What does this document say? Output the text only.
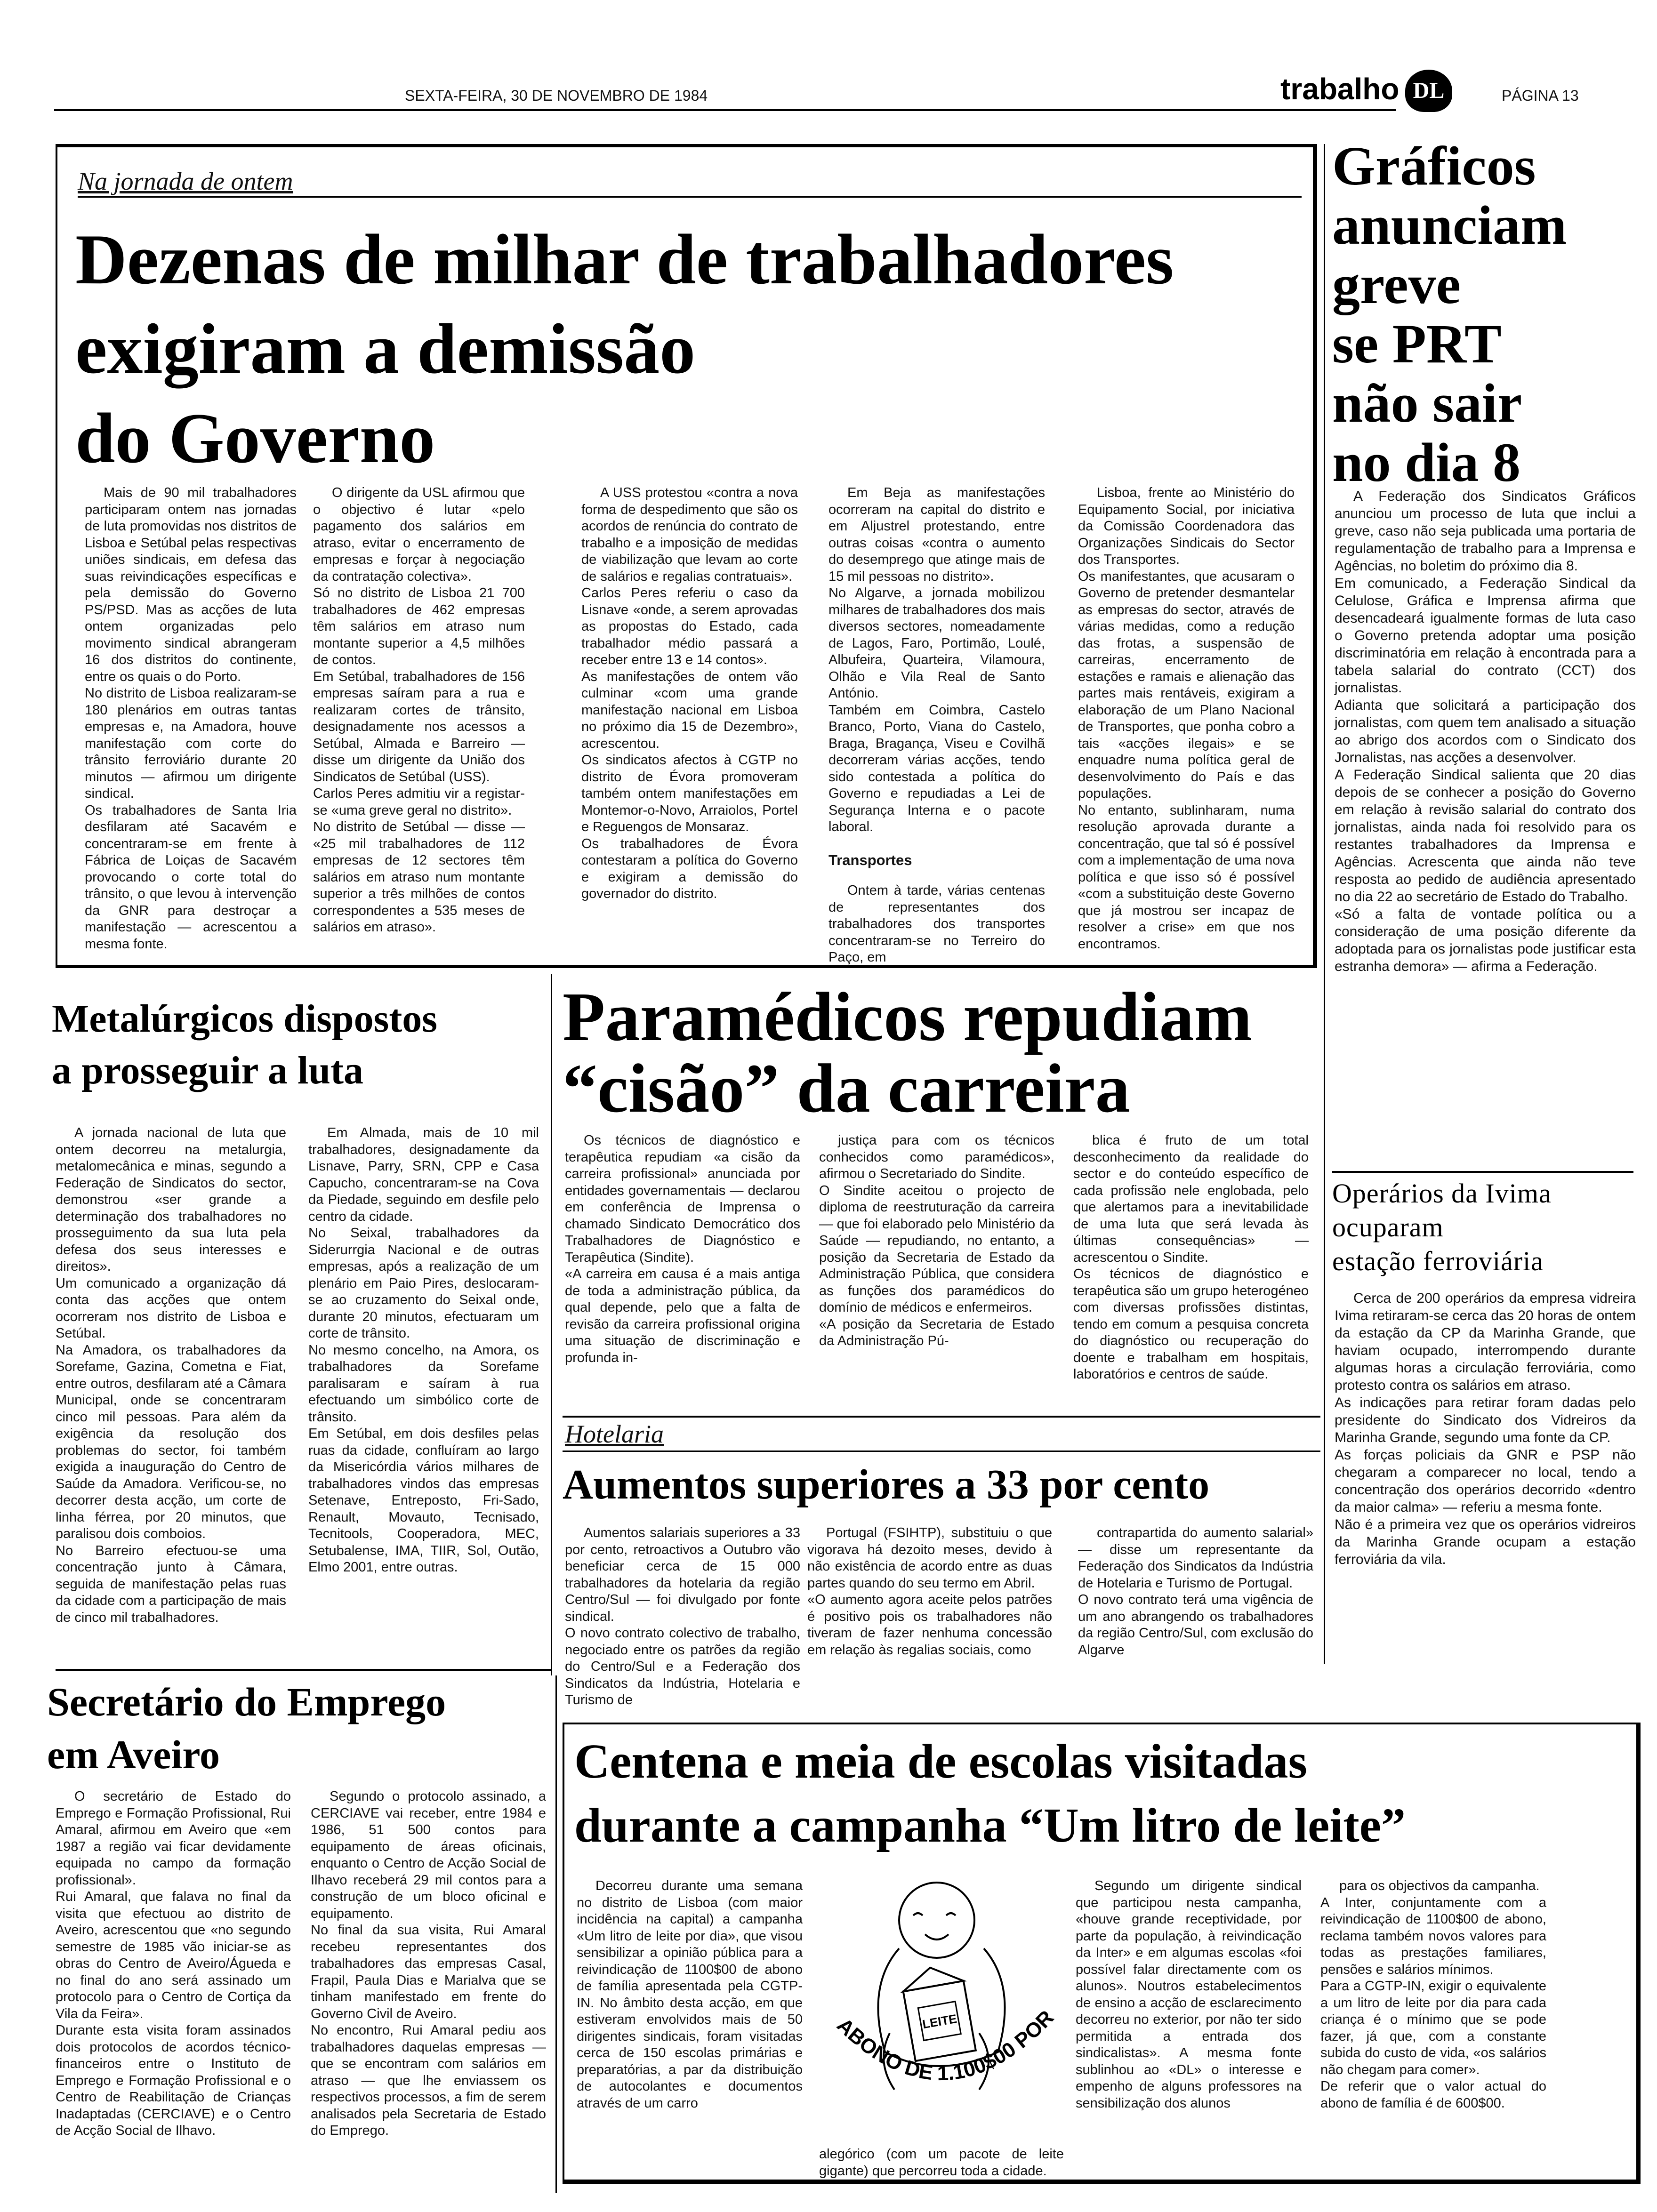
SEXTA-FEIRA, 30 DE NOVEMBRO DE 1984	trabalho DL	PÁGINA 13
Na jornada de ontem
Dezenas de milhar de trabalhadores
exigiram a demissão
do Governo

Mais de 90 mil trabalhadores participaram ontem nas jornadas de luta promovidas nos distritos de Lisboa e Setúbal pelas respectivas uniões sindicais, em defesa das suas reivindicações específicas e pela demissão do Governo PS/PSD. Mas as acções de luta ontem organizadas pelo movimento sindical abrangeram 16 dos distritos do continente, entre os quais o do Porto.
No distrito de Lisboa realizaram-se 180 plenários em outras tantas empresas e, na Amadora, houve manifestação com corte do trânsito ferroviário durante 20 minutos — afirmou um dirigente sindical.
Os trabalhadores de Santa Iria desfilaram até Sacavém e concentraram-se em frente à Fábrica de Loiças de Sacavém provocando o corte total do trânsito, o que levou à intervenção da GNR para destroçar a manifestação — acrescentou a mesma fonte.

O dirigente da USL afirmou que o objectivo é lutar «pelo pagamento dos salários em atraso, evitar o encerramento de empresas e forçar à negociação da contratação colectiva».
Só no distrito de Lisboa 21 700 trabalhadores de 462 empresas têm salários em atraso num montante superior a 4,5 milhões de contos.
Em Setúbal, trabalhadores de 156 empresas saíram para a rua e realizaram cortes de trânsito, designadamente nos acessos a Setúbal, Almada e Barreiro — disse um dirigente da União dos Sindicatos de Setúbal (USS).
Carlos Peres admitiu vir a registar-se «uma greve geral no distrito».
No distrito de Setúbal — disse — «25 mil trabalhadores de 112 empresas de 12 sectores têm salários em atraso num montante superior a três milhões de contos correspondentes a 535 meses de salários em atraso».

A USS protestou «contra a nova forma de despedimento que são os acordos de renúncia do contrato de trabalho e a imposição de medidas de viabilização que levam ao corte de salários e regalias contratuais».
Carlos Peres referiu o caso da Lisnave «onde, a serem aprovadas as propostas do Estado, cada trabalhador médio passará a receber entre 13 e 14 contos».
As manifestações de ontem vão culminar «com uma grande manifestação nacional em Lisboa no próximo dia 15 de Dezembro», acrescentou.
Os sindicatos afectos à CGTP no distrito de Évora promoveram também ontem manifestações em Montemor-o-Novo, Arraiolos, Portel e Reguengos de Monsaraz.
Os trabalhadores de Évora contestaram a política do Governo e exigiram a demissão do governador do distrito.

Em Beja as manifestações ocorreram na capital do distrito e em Aljustrel protestando, entre outras coisas «contra o aumento do desemprego que atinge mais de 15 mil pessoas no distrito».
No Algarve, a jornada mobilizou milhares de trabalhadores dos mais diversos sectores, nomeadamente de Lagos, Faro, Portimão, Loulé, Albufeira, Quarteira, Vilamoura, Olhão e Vila Real de Santo António.
Também em Coimbra, Castelo Branco, Porto, Viana do Castelo, Braga, Bragança, Viseu e Covilhã decorreram várias acções, tendo sido contestada a política do Governo e repudiadas a Lei de Segurança Interna e o pacote laboral.

Transportes

Ontem à tarde, várias centenas de representantes dos trabalhadores dos transportes concentraram-se no Terreiro do Paço, em

Lisboa, frente ao Ministério do Equipamento Social, por iniciativa da Comissão Coordenadora das Organizações Sindicais do Sector dos Transportes.
Os manifestantes, que acusaram o Governo de pretender desmantelar as empresas do sector, através de várias medidas, como a redução das frotas, a suspensão de carreiras, encerramento de estações e ramais e alienação das partes mais rentáveis, exigiram a elaboração de um Plano Nacional de Transportes, que ponha cobro a tais «acções ilegais» e se enquadre numa política geral de desenvolvimento do País e das populações.
No entanto, sublinharam, numa resolução aprovada durante a concentração, que tal só é possível com a implementação de uma nova política e que isso só é possível «com a substituição deste Governo que já mostrou ser incapaz de resolver a crise» em que nos encontramos.

Gráficos
anunciam
greve
se PRT
não sair
no dia 8

A Federação dos Sindicatos Gráficos anunciou um processo de luta que inclui a greve, caso não seja publicada uma portaria de regulamentação de trabalho para a Imprensa e Agências, no boletim do próximo dia 8.
Em comunicado, a Federação Sindical da Celulose, Gráfica e Imprensa afirma que desencadeará igualmente formas de luta caso o Governo pretenda adoptar uma posição discriminatória em relação à encontrada para a tabela salarial do contrato (CCT) dos jornalistas.
Adianta que solicitará a participação dos jornalistas, com quem tem analisado a situação ao abrigo dos acordos com o Sindicato dos Jornalistas, nas acções a desenvolver.
A Federação Sindical salienta que 20 dias depois de se conhecer a posição do Governo em relação à revisão salarial do contrato dos jornalistas, ainda nada foi resolvido para os restantes trabalhadores da Imprensa e Agências. Acrescenta que ainda não teve resposta ao pedido de audiência apresentado no dia 22 ao secretário de Estado do Trabalho.
«Só a falta de vontade política ou a consideração de uma posição diferente da adoptada para os jornalistas pode justificar esta estranha demora» — afirma a Federação.

Operários da Ivima
ocuparam
estação ferroviária

Cerca de 200 operários da empresa vidreira Ivima retiraram-se cerca das 20 horas de ontem da estação da CP da Marinha Grande, que haviam ocupado, interrompendo durante algumas horas a circulação ferroviária, como protesto contra os salários em atraso.
As indicações para retirar foram dadas pelo presidente do Sindicato dos Vidreiros da Marinha Grande, segundo uma fonte da CP.
As forças policiais da GNR e PSP não chegaram a comparecer no local, tendo a concentração dos operários decorrido «dentro da maior calma» — referiu a mesma fonte.
Não é a primeira vez que os operários vidreiros da Marinha Grande ocupam a estação ferroviária da vila.

Metalúrgicos dispostos
a prosseguir a luta

A jornada nacional de luta que ontem decorreu na metalurgia, metalomecânica e minas, segundo a Federação de Sindicatos do sector, demonstrou «ser grande a determinação dos trabalhadores no prosseguimento da sua luta pela defesa dos seus interesses e direitos».
Um comunicado a organização dá conta das acções que ontem ocorreram nos distrito de Lisboa e Setúbal.
Na Amadora, os trabalhadores da Sorefame, Gazina, Cometna e Fiat, entre outros, desfilaram até a Câmara Municipal, onde se concentraram cinco mil pessoas. Para além da exigência da resolução dos problemas do sector, foi também exigida a inauguração do Centro de Saúde da Amadora. Verificou-se, no decorrer desta acção, um corte de linha férrea, por 20 minutos, que paralisou dois comboios.
No Barreiro efectuou-se uma concentração junto à Câmara, seguida de manifestação pelas ruas da cidade com a participação de mais de cinco mil trabalhadores.

Em Almada, mais de 10 mil trabalhadores, designadamente da Lisnave, Parry, SRN, CPP e Casa Capucho, concentraram-se na Cova da Piedade, seguindo em desfile pelo centro da cidade.
No Seixal, trabalhadores da Siderurrgia Nacional e de outras empresas, após a realização de um plenário em Paio Pires, deslocaram-se ao cruzamento do Seixal onde, durante 20 minutos, efectuaram um corte de trânsito.
No mesmo concelho, na Amora, os trabalhadores da Sorefame paralisaram e saíram à rua efectuando um simbólico corte de trânsito.
Em Setúbal, em dois desfiles pelas ruas da cidade, confluíram ao largo da Misericórdia vários milhares de trabalhadores vindos das empresas Setenave, Entreposto, Fri-Sado, Renault, Movauto, Tecnisado, Tecnitools, Cooperadora, MEC, Setubalense, IMA, TIIR, Sol, Outão, Elmo 2001, entre outras.

Paramédicos repudiam
“cisão” da carreira

Os técnicos de diagnóstico e terapêutica repudiam «a cisão da carreira profissional» anunciada por entidades governamentais — declarou em conferência de Imprensa o chamado Sindicato Democrático dos Trabalhadores de Diagnóstico e Terapêutica (Sindite).
«A carreira em causa é a mais antiga de toda a administração pública, da qual depende, pelo que a falta de revisão da carreira profissional origina uma situação de discriminação e profunda in-

justiça para com os técnicos conhecidos como paramédicos», afirmou o Secretariado do Sindite.
O Sindite aceitou o projecto de diploma de reestruturação da carreira — que foi elaborado pelo Ministério da Saúde — repudiando, no entanto, a posição da Secretaria de Estado da Administração Pública, que considera as funções dos paramédicos do domínio de médicos e enfermeiros.
«A posição da Secretaria de Estado da Administração Pú-

blica é fruto de um total desconhecimento da realidade do sector e do conteúdo específico de cada profissão nele englobada, pelo que alertamos para a inevitabilidade de uma luta que será levada às últimas consequências» — acrescentou o Sindite.
Os técnicos de diagnóstico e terapêutica são um grupo heterogéneo com diversas profissões distintas, tendo em comum a pesquisa concreta do diagnóstico ou recuperação do doente e trabalham em hospitais, laboratórios e centros de saúde.

Hotelaria
Aumentos superiores a 33 por cento

Aumentos salariais superiores a 33 por cento, retroactivos a Outubro vão beneficiar cerca de 15 000 trabalhadores da hotelaria da região Centro/Sul — foi divulgado por fonte sindical.
O novo contrato colectivo de trabalho, negociado entre os patrões da região do Centro/Sul e a Federação dos Sindicatos da Indústria, Hotelaria e Turismo de

Portugal (FSIHTP), substituiu o que vigorava há dezoito meses, devido à não existência de acordo entre as duas partes quando do seu termo em Abril.
«O aumento agora aceite pelos patrões é positivo pois os trabalhadores não tiveram de fazer nenhuma concessão em relação às regalias sociais, como

contrapartida do aumento salarial» — disse um representante da Federação dos Sindicatos da Indústria de Hotelaria e Turismo de Portugal.
O novo contrato terá uma vigência de um ano abrangendo os trabalhadores da região Centro/Sul, com exclusão do Algarve

Secretário do Emprego
em Aveiro

O secretário de Estado do Emprego e Formação Profissional, Rui Amaral, afirmou em Aveiro que «em 1987 a região vai ficar devidamente equipada no campo da formação profissional».
Rui Amaral, que falava no final da visita que efectuou ao distrito de Aveiro, acrescentou que «no segundo semestre de 1985 vão iniciar-se as obras do Centro de Aveiro/Águeda e no final do ano será assinado um protocolo para o Centro de Cortiça da Vila da Feira».
Durante esta visita foram assinados dois protocolos de acordos técnico-financeiros entre o Instituto de Emprego e Formação Profissional e o Centro de Reabilitação de Crianças Inadaptadas (CERCIAVE) e o Centro de Acção Social de Ilhavo.

Segundo o protocolo assinado, a CERCIAVE vai receber, entre 1984 e 1986, 51 500 contos para equipamento de áreas oficinais, enquanto o Centro de Acção Social de Ilhavo receberá 29 mil contos para a construção de um bloco oficinal e equipamento.
No final da sua visita, Rui Amaral recebeu representantes dos trabalhadores das empresas Casal, Frapil, Paula Dias e Marialva que se tinham manifestado em frente do Governo Civil de Aveiro.
No encontro, Rui Amaral pediu aos trabalhadores daquelas empresas — que se encontram com salários em atraso — que lhe enviassem os respectivos processos, a fim de serem analisados pela Secretaria de Estado do Emprego.

Centena e meia de escolas visitadas
durante a campanha “Um litro de leite”

Decorreu durante uma semana no distrito de Lisboa (com maior incidência na capital) a campanha «Um litro de leite por dia», que visou sensibilizar a opinião pública para a reivindicação de 1100$00 de abono de família apresentada pela CGTP-IN. No âmbito desta acção, em que estiveram envolvidos mais de 50 dirigentes sindicais, foram visitadas cerca de 150 escolas primárias e preparatórias, a par da distribuição de autocolantes e documentos através de um carro

LEITE
ABONO DE 1.100$00 POR
alegórico (com um pacote de leite gigante) que percorreu toda a cidade.

Segundo um dirigente sindical que participou nesta campanha, «houve grande receptividade, por parte da população, à reivindicação da Inter» e em algumas escolas «foi possível falar directamente com os alunos». Noutros estabelecimentos de ensino a acção de esclarecimento decorreu no exterior, por não ter sido permitida a entrada dos sindicalistas». A mesma fonte sublinhou ao «DL» o interesse e empenho de alguns professores na sensibilização dos alunos

para os objectivos da campanha.
A Inter, conjuntamente com a reivindicação de 1100$00 de abono, reclama também novos valores para todas as prestações familiares, pensões e salários mínimos.
Para a CGTP-IN, exigir o equivalente a um litro de leite por dia para cada criança é o mínimo que se pode fazer, já que, com a constante subida do custo de vida, «os salários não chegam para comer».
De referir que o valor actual do abono de família é de 600$00.
